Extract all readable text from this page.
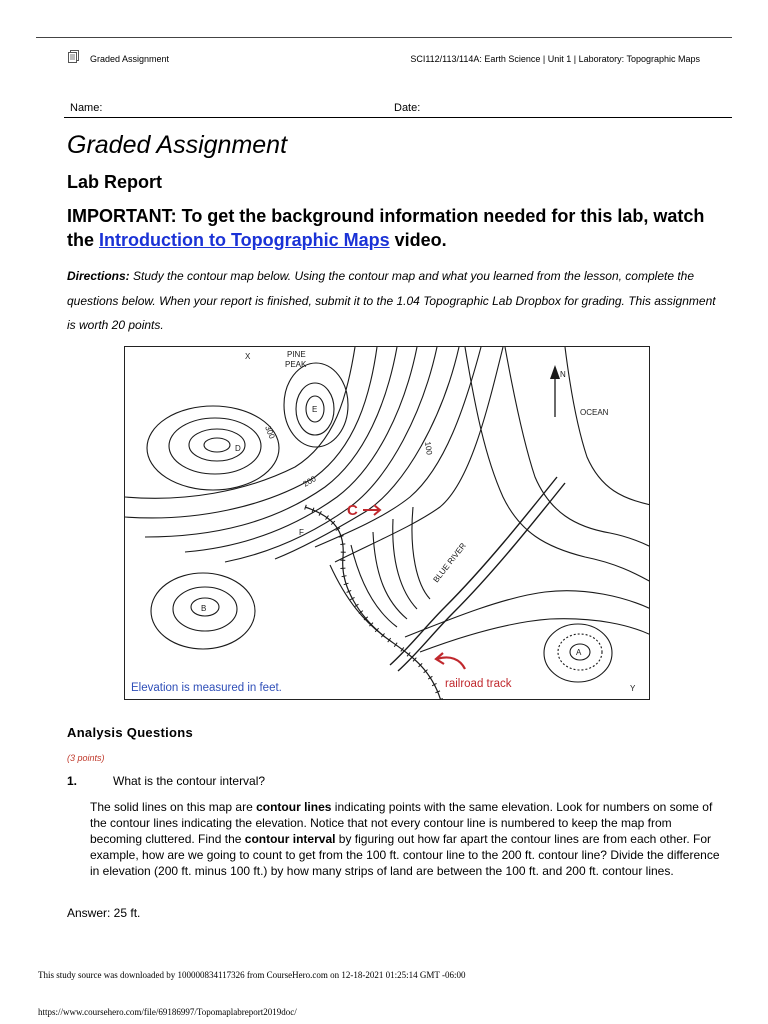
Graded Assignment	SCI112/113/114A: Earth Science | Unit 1 | Laboratory: Topographic Maps
Name:	Date:
Graded Assignment
Lab Report
IMPORTANT: To get the background information needed for this lab, watch the Introduction to Topographic Maps video.
Directions: Study the contour map below. Using the contour map and what you learned from the lesson, complete the questions below. When your report is finished, submit it to the 1.04 Topographic Lab Dropbox for grading. This assignment is worth 20 points.
X	PINE
PEAK
E
D
B
A
F
Y
N
OCEAN
300
200
100
BLUE RIVER
C
railroad track
Elevation is measured in feet.
Analysis Questions
(3 points)
1.	What is the contour interval?
The solid lines on this map are contour lines indicating points with the same elevation. Look for numbers on some of the contour lines indicating the elevation. Notice that not every contour line is numbered to keep the map from becoming cluttered. Find the contour interval by figuring out how far apart the contour lines are from each other. For example, how are we going to count to get from the 100 ft. contour line to the 200 ft. contour line? Divide the difference in elevation (200 ft. minus 100 ft.) by how many strips of land are between the 100 ft. and 200 ft. contour lines.
Answer: 25 ft.
This study source was downloaded by 100000834117326 from CourseHero.com on 12-18-2021 01:25:14 GMT -06:00
https://www.coursehero.com/file/69186997/Topomaplabreport2019doc/
